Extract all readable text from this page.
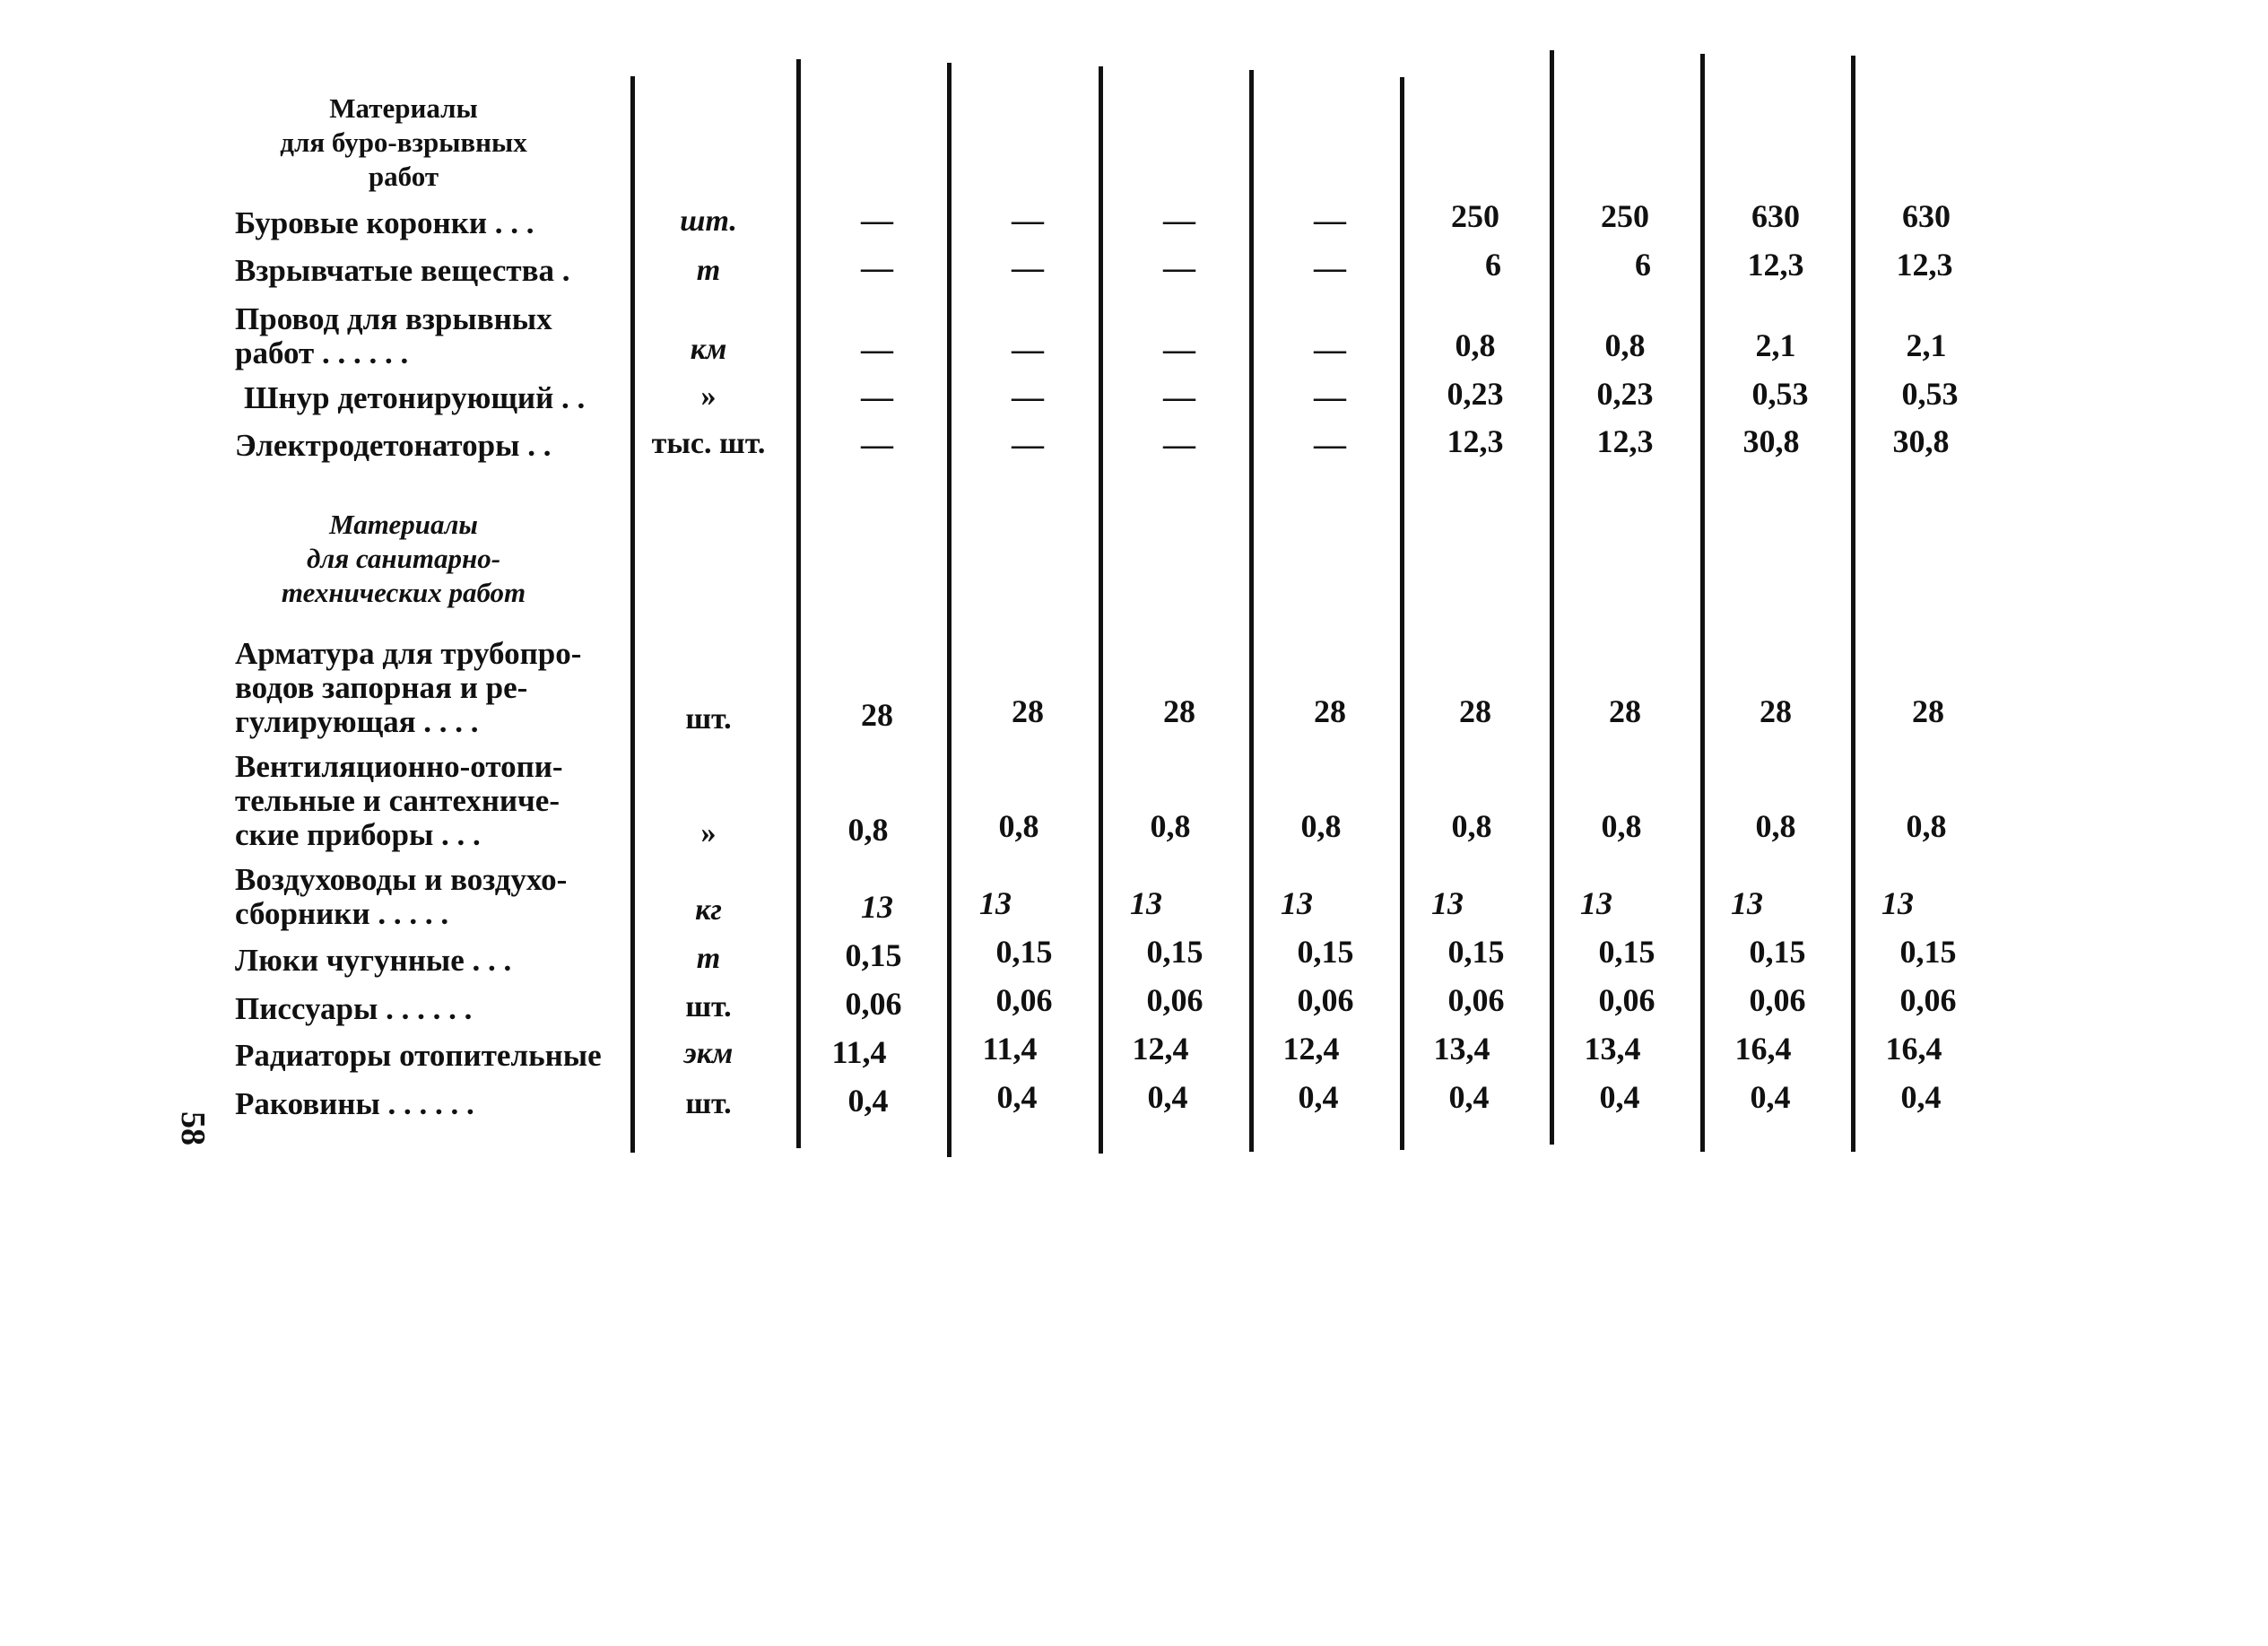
Материалы
для буро-взрывных
работ
Буровые коронки . . .	шт.	—	—	—	—	250	250	630	630
Взрывчатые вещества .	т	—	—	—	—	6	6	12,3	12,3
Провод для взрывных
работ . . . . . .	км	—	—	—	—	0,8	0,8	2,1	2,1
Шнур детонирующий . .	»	—	—	—	—	0,23	0,23	0,53	0,53
Электродетонаторы . .	тыс. шт.	—	—	—	—	12,3	12,3	30,8	30,8
Материалы
для санитарно-
технических работ
Арматура для трубопро-
водов запорная и ре-
гулирующая . . . .	шт.	28	28	28	28	28	28	28	28
Вентиляционно-отопи-
тельные и сантехниче-
ские приборы . . .	»	0,8	0,8	0,8	0,8	0,8	0,8	0,8	0,8
Воздуховоды и воздухо-
сборники . . . . .	кг	13	13	13	13	13	13	13	13
Люки чугунные . . .	т	0,15	0,15	0,15	0,15	0,15	0,15	0,15	0,15
Писсуары . . . . . .	шт.	0,06	0,06	0,06	0,06	0,06	0,06	0,06	0,06
Радиаторы отопительные	экм	11,4	11,4	12,4	12,4	13,4	13,4	16,4	16,4
Раковины . . . . . .	шт.	0,4	0,4	0,4	0,4	0,4	0,4	0,4	0,4
58
